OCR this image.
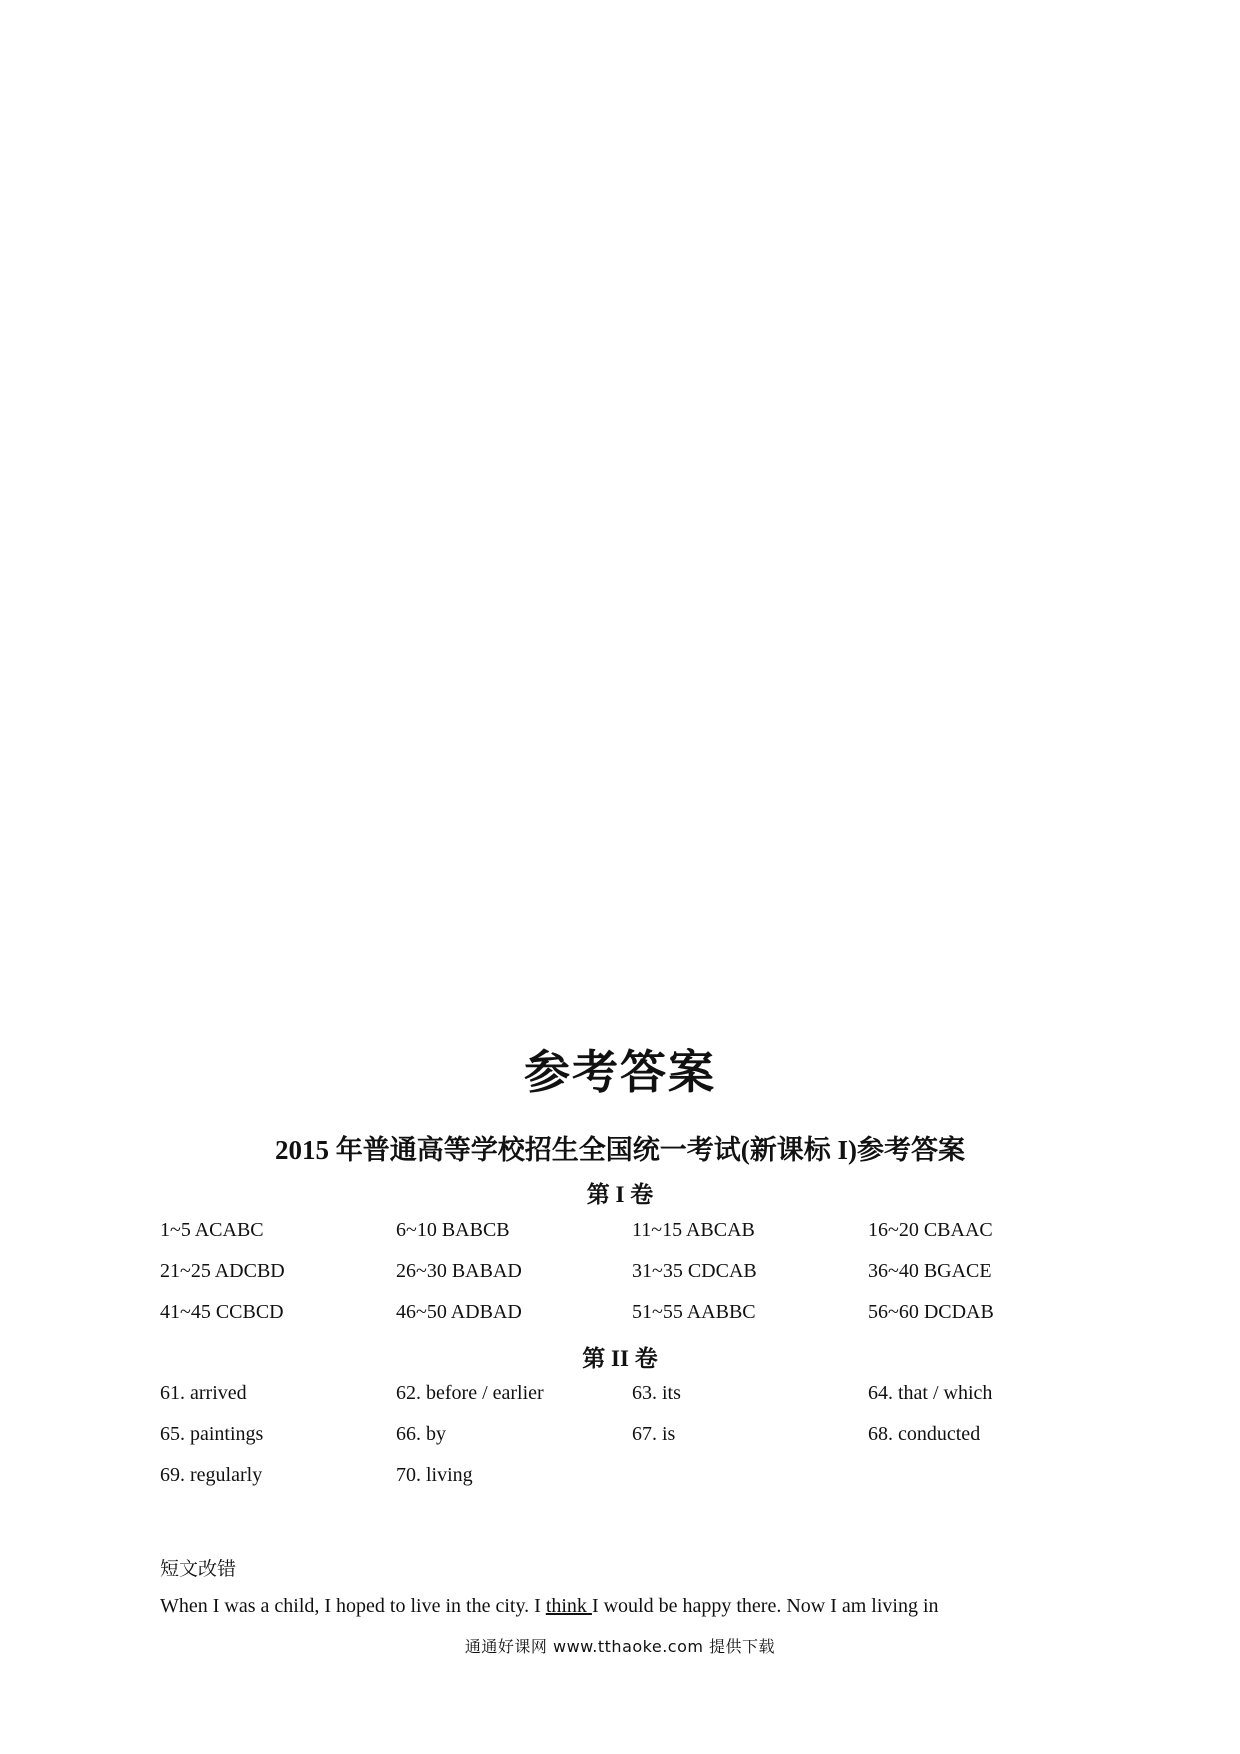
参考答案
2015 年普通高等学校招生全国统一考试(新课标 I)参考答案
第 I 卷
1~5 ACABC	6~10 BABCB	11~15 ABCAB	16~20 CBAAC
21~25 ADCBD	26~30 BABAD	31~35 CDCAB	36~40 BGACE
41~45 CCBCD	46~50 ADBAD	51~55 AABBC	56~60 DCDAB
第 II 卷
61. arrived	62. before / earlier	63. its	64. that / which
65. paintings	66. by	67. is	68. conducted
69. regularly	70. living
短文改错
When I was a child, I hoped to live in the city. I think I would be happy there. Now I am living in
通通好课网 www.tthaoke.com 提供下载
